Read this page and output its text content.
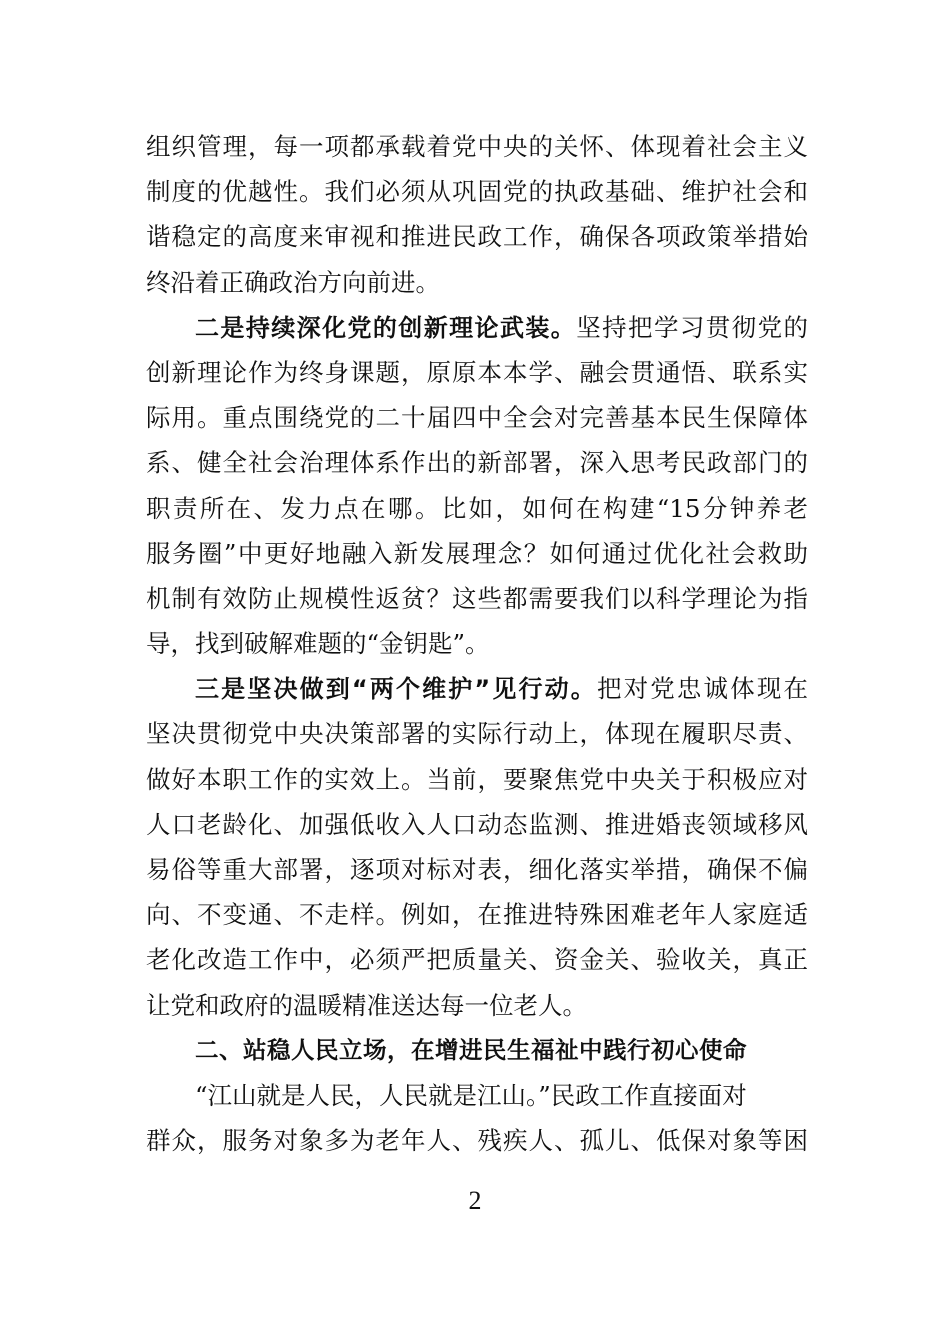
组织管理，每一项都承载着党中央的关怀、体现着社会主义
制度的优越性。我们必须从巩固党的执政基础、维护社会和
谐稳定的高度来审视和推进民政工作，确保各项政策举措始
终沿着正确政治方向前进。
二是持续深化党的创新理论武装。坚持把学习贯彻党的
创新理论作为终身课题，原原本本学、融会贯通悟、联系实
际用。重点围绕党的二十届四中全会对完善基本民生保障体
系、健全社会治理体系作出的新部署，深入思考民政部门的
职责所在、发力点在哪。比如，如何在构建“15分钟养老
服务圈”中更好地融入新发展理念？如何通过优化社会救助
机制有效防止规模性返贫？这些都需要我们以科学理论为指
导，找到破解难题的“金钥匙”。
三是坚决做到“两个维护”见行动。把对党忠诚体现在
坚决贯彻党中央决策部署的实际行动上，体现在履职尽责、
做好本职工作的实效上。当前，要聚焦党中央关于积极应对
人口老龄化、加强低收入人口动态监测、推进婚丧领域移风
易俗等重大部署，逐项对标对表，细化落实举措，确保不偏
向、不变通、不走样。例如，在推进特殊困难老年人家庭适
老化改造工作中，必须严把质量关、资金关、验收关，真正
让党和政府的温暖精准送达每一位老人。
二、站稳人民立场，在增进民生福祉中践行初心使命
“江山就是人民，人民就是江山。”民政工作直接面对
群众，服务对象多为老年人、残疾人、孤儿、低保对象等困
2
